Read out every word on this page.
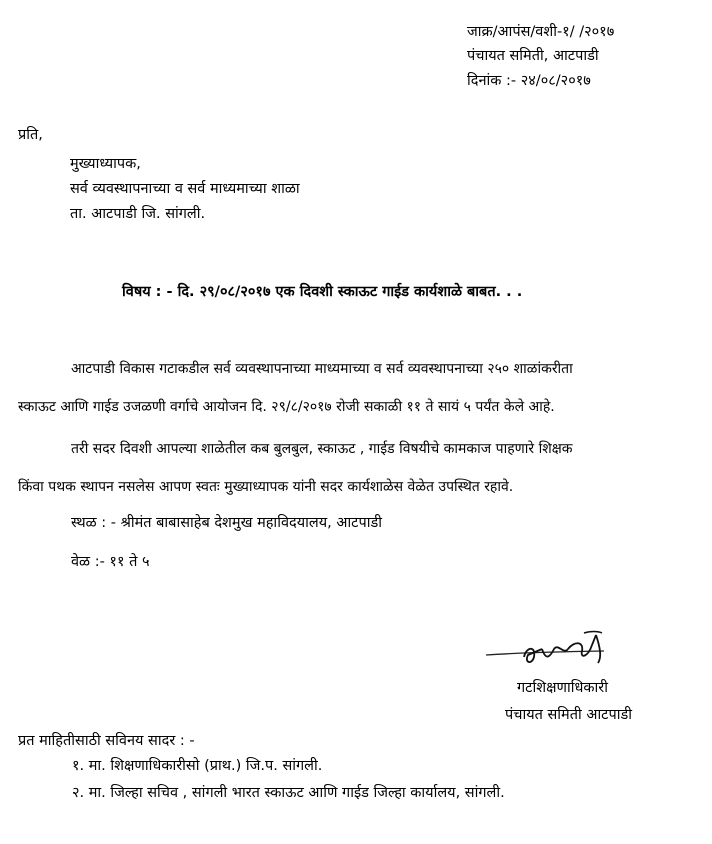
जाक्र/आपंस/वशी-१/ /२०१७
पंचायत समिती, आटपाडी
दिनांक :- २४/०८/२०१७
प्रति,
मुख्याध्यापक,
सर्व व्यवस्थापनाच्या व सर्व माध्यमाच्या शाळा
ता. आटपाडी जि. सांगली.
विषय : - दि. २९/०८/२०१७ एक दिवशी स्काऊट गाईड कार्यशाळे बाबत. . .
आटपाडी विकास गटाकडील सर्व व्यवस्थापनाच्या माध्यमाच्या व सर्व व्यवस्थापनाच्या २५० शाळांकरीता
स्काऊट आणि गाईड उजळणी वर्गाचे आयोजन दि. २९/८/२०१७ रोजी सकाळी ११ ते सायं ५ पर्यंत केले आहे.
तरी सदर दिवशी आपल्या शाळेतील कब बुलबुल, स्काऊट , गाईड विषयीचे कामकाज पाहणारे शिक्षक
किंवा पथक स्थापन नसलेस आपण स्वतः मुख्याध्यापक यांनी सदर कार्यशाळेस वेळेत उपस्थित रहावे.
स्थळ : - श्रीमंत बाबासाहेब देशमुख महाविदयालय, आटपाडी
वेळ :- ११ ते ५
गटशिक्षणाधिकारी
पंचायत समिती आटपाडी
प्रत माहितीसाठी सविनय सादर : -
१. मा. शिक्षणाधिकारीसो (प्राथ.) जि.प. सांगली.
२. मा. जिल्हा सचिव , सांगली भारत स्काऊट आणि गाईड जिल्हा कार्यालय, सांगली.
